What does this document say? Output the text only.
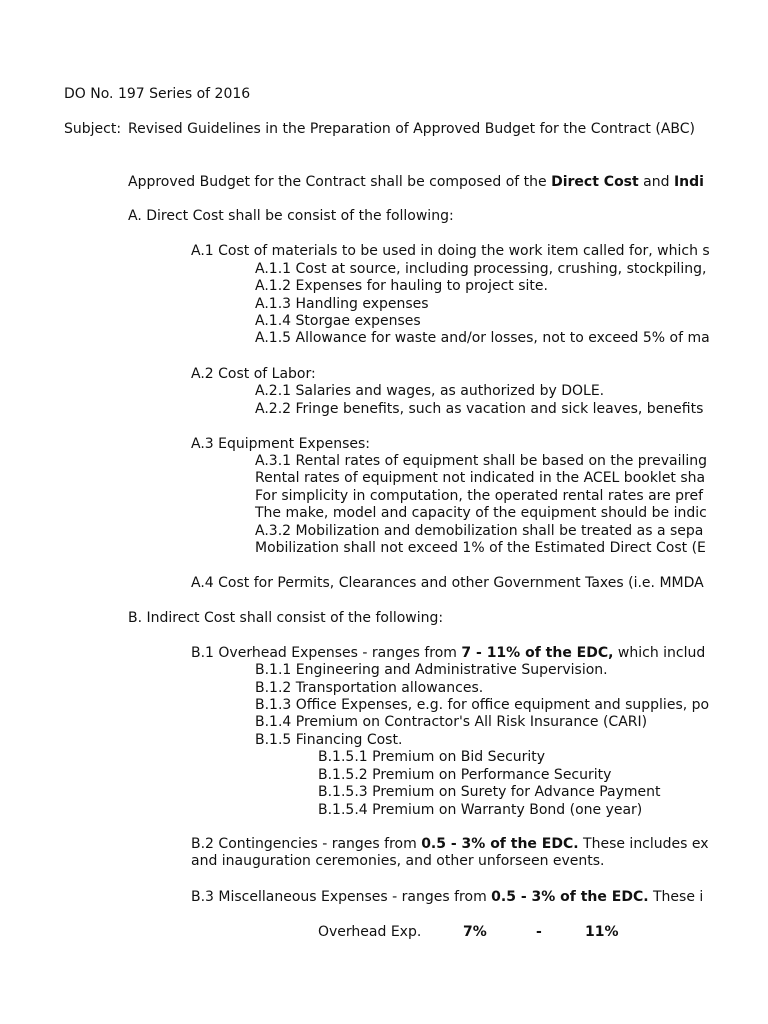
DO No. 197 Series of 2016
Subject: Revised Guidelines in the Preparation of Approved Budget for the Contract (ABC)
Approved Budget for the Contract shall be composed of the Direct Cost and Indi
A. Direct Cost shall be consist of the following:
A.1 Cost of materials to be used in doing the work item called for, which s
A.1.1 Cost at source, including processing, crushing, stockpiling,
A.1.2 Expenses for hauling to project site.
A.1.3 Handling expenses
A.1.4 Storgae expenses
A.1.5 Allowance for waste and/or losses, not to exceed 5% of ma
A.2 Cost of Labor:
A.2.1 Salaries and wages, as authorized by DOLE.
A.2.2 Fringe benefits, such as vacation and sick leaves, benefits
A.3 Equipment Expenses:
A.3.1 Rental rates of equipment shall be based on the prevailing
Rental rates of equipment not indicated in the ACEL booklet sha
For simplicity in computation, the operated rental rates are pref
The make, model and capacity of the equipment should be indic
A.3.2 Mobilization and demobilization shall be treated as a sepa
Mobilization shall not exceed 1% of the Estimated Direct Cost (E
A.4 Cost for Permits, Clearances and other Government Taxes (i.e. MMDA
B. Indirect Cost shall consist of the following:
B.1 Overhead Expenses - ranges from 7 - 11% of the EDC, which includ
B.1.1 Engineering and Administrative Supervision.
B.1.2 Transportation allowances.
B.1.3 Office Expenses, e.g. for office equipment and supplies, po
B.1.4 Premium on Contractor's All Risk Insurance (CARI)
B.1.5 Financing Cost.
B.1.5.1 Premium on Bid Security
B.1.5.2 Premium on Performance Security
B.1.5.3 Premium on Surety for Advance Payment
B.1.5.4 Premium on Warranty Bond (one year)
B.2 Contingencies - ranges from 0.5 - 3% of the EDC. These includes ex
and inauguration ceremonies, and other unforseen events.
B.3 Miscellaneous Expenses - ranges from 0.5 - 3% of the EDC. These i
Overhead Exp.	7%	-	11%
